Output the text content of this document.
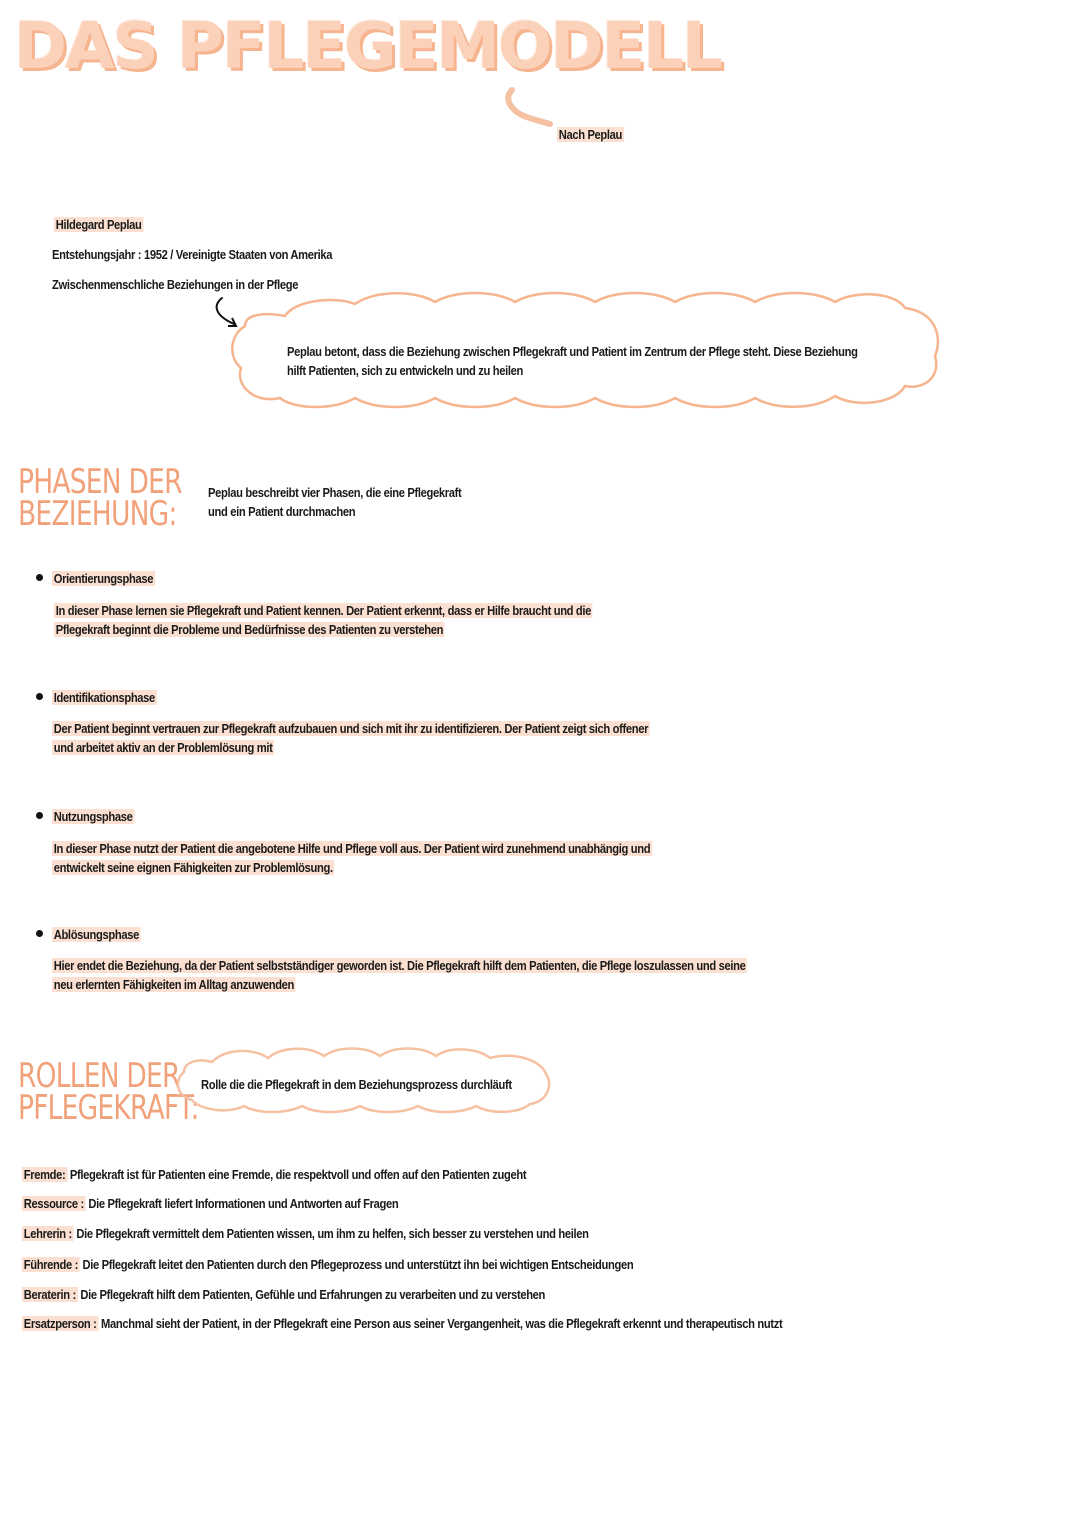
DAS PFLEGEMODELL
Nach Peplau
Hildegard Peplau
Entstehungsjahr : 1952 / Vereinigte Staaten von Amerika
Zwischenmenschliche Beziehungen in der Pflege
Peplau betont, dass die Beziehung zwischen Pflegekraft und Patient im Zentrum der Pflege steht. Diese Beziehung
hilft Patienten, sich zu entwickeln und zu heilen
PHASEN DER
BEZIEHUNG:
Peplau beschreibt vier Phasen, die eine Pflegekraft
und ein Patient durchmachen
Orientierungsphase
In dieser Phase lernen sie Pflegekraft und Patient kennen. Der Patient erkennt, dass er Hilfe braucht und die
Pflegekraft beginnt die Probleme und Bedürfnisse des Patienten zu verstehen
Identifikationsphase
Der Patient beginnt vertrauen zur Pflegekraft aufzubauen und sich mit ihr zu identifizieren. Der Patient zeigt sich offener
und arbeitet aktiv an der Problemlösung mit
Nutzungsphase
In dieser Phase nutzt der Patient die angebotene Hilfe und Pflege voll aus. Der Patient wird zunehmend unabhängig und
entwickelt seine eignen Fähigkeiten zur Problemlösung.
Ablösungsphase
Hier endet die Beziehung, da der Patient selbstständiger geworden ist. Die Pflegekraft hilft dem Patienten, die Pflege loszulassen und seine
neu erlernten Fähigkeiten im Alltag anzuwenden
ROLLEN DER
PFLEGEKRAFT:
Rolle die die Pflegekraft in dem Beziehungsprozess durchläuft
Fremde: Pflegekraft ist für Patienten eine Fremde, die respektvoll und offen auf den Patienten zugeht
Ressource : Die Pflegekraft liefert Informationen und Antworten auf Fragen
Lehrerin : Die Pflegekraft vermittelt dem Patienten wissen, um ihm zu helfen, sich besser zu verstehen und heilen
Führende : Die Pflegekraft leitet den Patienten durch den Pflegeprozess und unterstützt ihn bei wichtigen Entscheidungen
Beraterin : Die Pflegekraft hilft dem Patienten, Gefühle und Erfahrungen zu verarbeiten und zu verstehen
Ersatzperson : Manchmal sieht der Patient, in der Pflegekraft eine Person aus seiner Vergangenheit, was die Pflegekraft erkennt und therapeutisch nutzt
